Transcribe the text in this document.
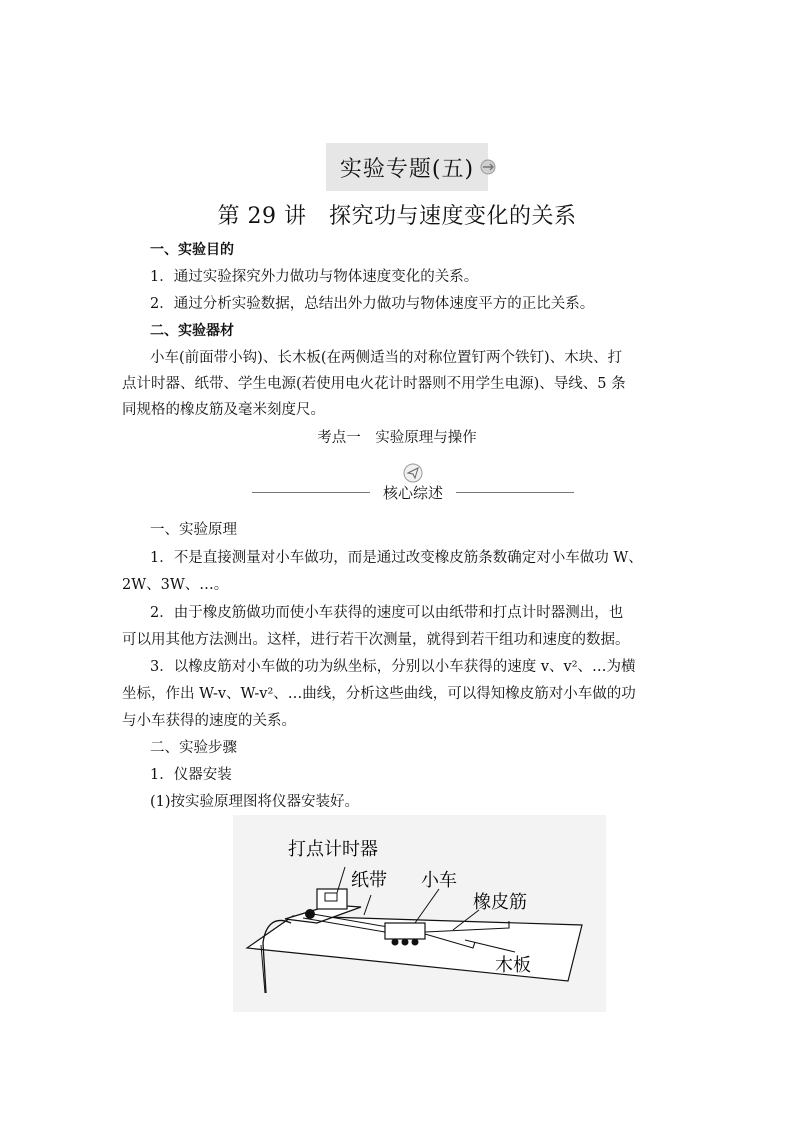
实验专题(五)
第 29 讲　探究功与速度变化的关系
一、实验目的
1．通过实验探究外力做功与物体速度变化的关系。
2．通过分析实验数据，总结出外力做功与物体速度平方的正比关系。
二、实验器材
小车(前面带小钩)、长木板(在两侧适当的对称位置钉两个铁钉)、木块、打
点计时器、纸带、学生电源(若使用电火花计时器则不用学生电源)、导线、5 条
同规格的橡皮筋及毫米刻度尺。
考点一　实验原理与操作
核心综述
一、实验原理
1．不是直接测量对小车做功，而是通过改变橡皮筋条数确定对小车做功 W、
2W、3W、…。
2．由于橡皮筋做功而使小车获得的速度可以由纸带和打点计时器测出，也
可以用其他方法测出。这样，进行若干次测量，就得到若干组功和速度的数据。
3．以橡皮筋对小车做的功为纵坐标，分别以小车获得的速度 v、v²、…为横
坐标，作出 W-v、W-v²、…曲线，分析这些曲线，可以得知橡皮筋对小车做的功
与小车获得的速度的关系。
二、实验步骤
1．仪器安装
(1)按实验原理图将仪器安装好。
打点计时器
纸带 小车
橡皮筋
木板
